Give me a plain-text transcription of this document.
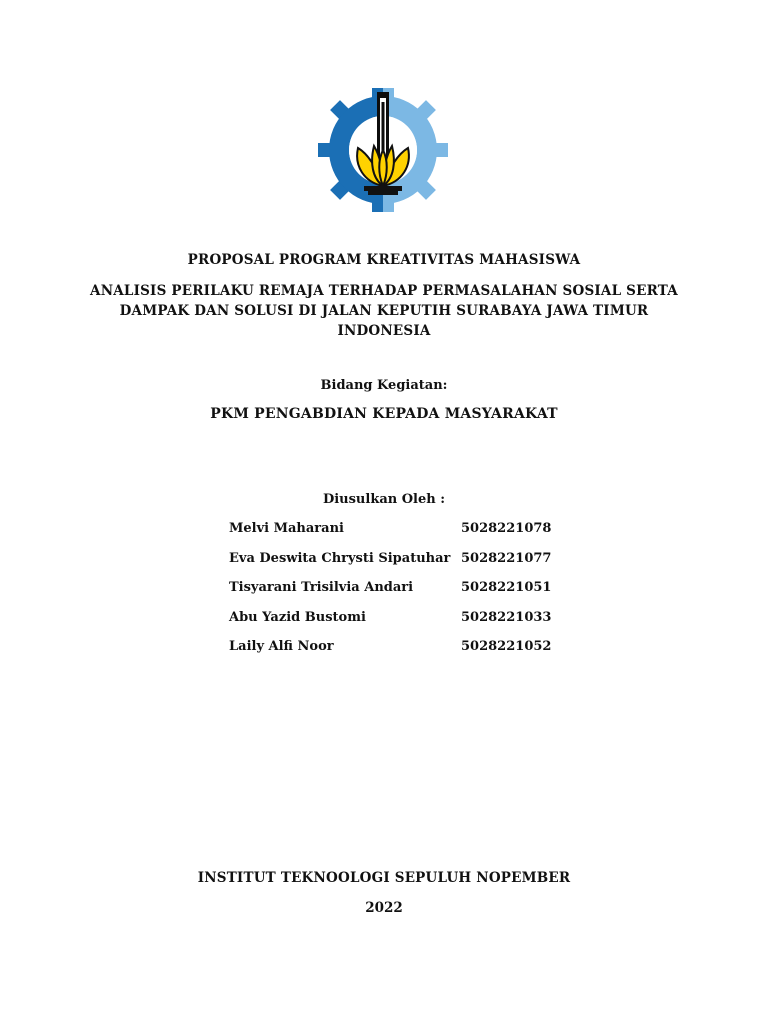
PROPOSAL PROGRAM KREATIVITAS MAHASISWA
ANALISIS PERILAKU REMAJA TERHADAP PERMASALAHAN SOSIAL SERTA
DAMPAK DAN SOLUSI DI JALAN KEPUTIH SURABAYA JAWA TIMUR
INDONESIA
Bidang Kegiatan:
PKM PENGABDIAN KEPADA MASYARAKAT
Diusulkan Oleh :
Melvi Maharani	5028221078
Eva Deswita Chrysti Sipatuhar 5028221077
Tisyarani Trisilvia Andari	5028221051
Abu Yazid Bustomi	5028221033
Laily Alfi Noor	5028221052
INSTITUT TEKNOOLOGI SEPULUH NOPEMBER
2022
